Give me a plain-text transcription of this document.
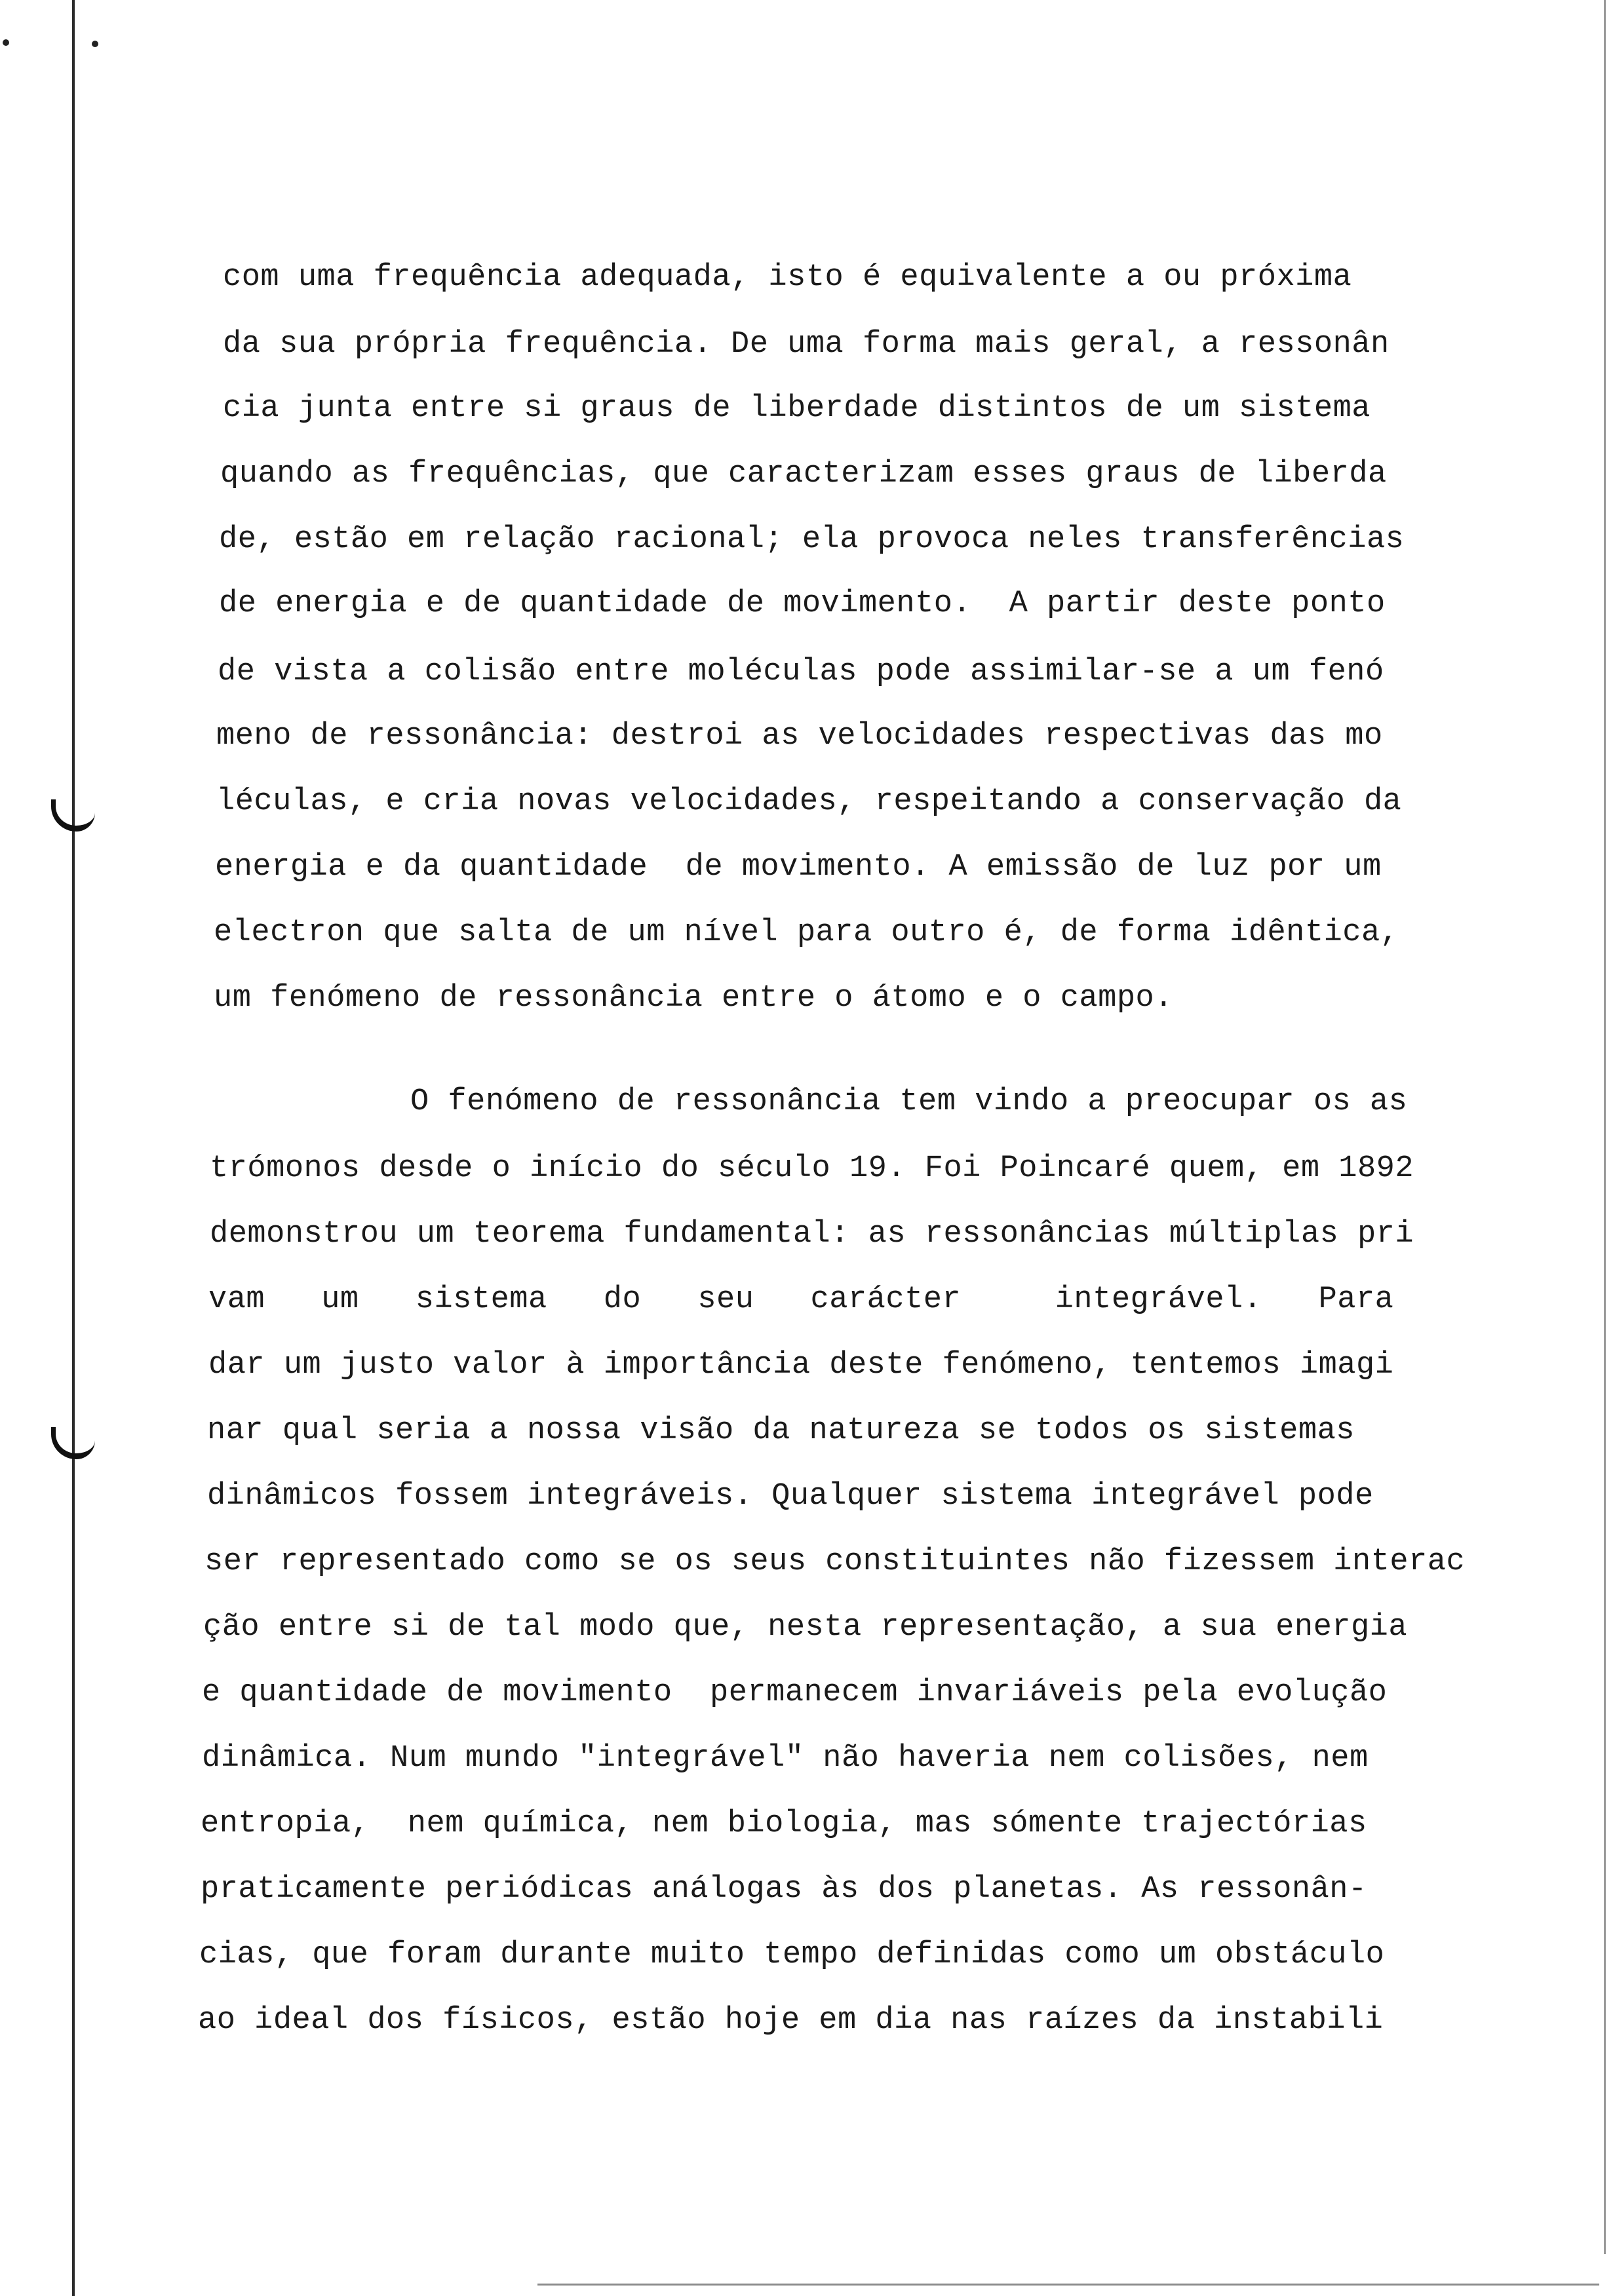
com uma frequência adequada, isto é equivalente a ou próxima
da sua própria frequência. De uma forma mais geral, a ressonân
cia junta entre si graus de liberdade distintos de um sistema
quando as frequências, que caracterizam esses graus de liberda
de, estão em relação racional; ela provoca neles transferências
de energia e de quantidade de movimento.  A partir deste ponto
de vista a colisão entre moléculas pode assimilar-se a um fenó
meno de ressonância: destroi as velocidades respectivas das mo
léculas, e cria novas velocidades, respeitando a conservação da
energia e da quantidade  de movimento. A emissão de luz por um
electron que salta de um nível para outro é, de forma idêntica,
um fenómeno de ressonância entre o átomo e o campo.
O fenómeno de ressonância tem vindo a preocupar os as
trómonos desde o início do século 19. Foi Poincaré quem, em 1892
demonstrou um teorema fundamental: as ressonâncias múltiplas pri
vam   um   sistema   do   seu   carácter     integrável.   Para
dar um justo valor à importância deste fenómeno, tentemos imagi
nar qual seria a nossa visão da natureza se todos os sistemas
dinâmicos fossem integráveis. Qualquer sistema integrável pode
ser representado como se os seus constituintes não fizessem interac
ção entre si de tal modo que, nesta representação, a sua energia
e quantidade de movimento  permanecem invariáveis pela evolução
dinâmica. Num mundo "integrável" não haveria nem colisões, nem
entropia,  nem química, nem biologia, mas sómente trajectórias
praticamente periódicas análogas às dos planetas. As ressonân-
cias, que foram durante muito tempo definidas como um obstáculo
ao ideal dos físicos, estão hoje em dia nas raízes da instabili
